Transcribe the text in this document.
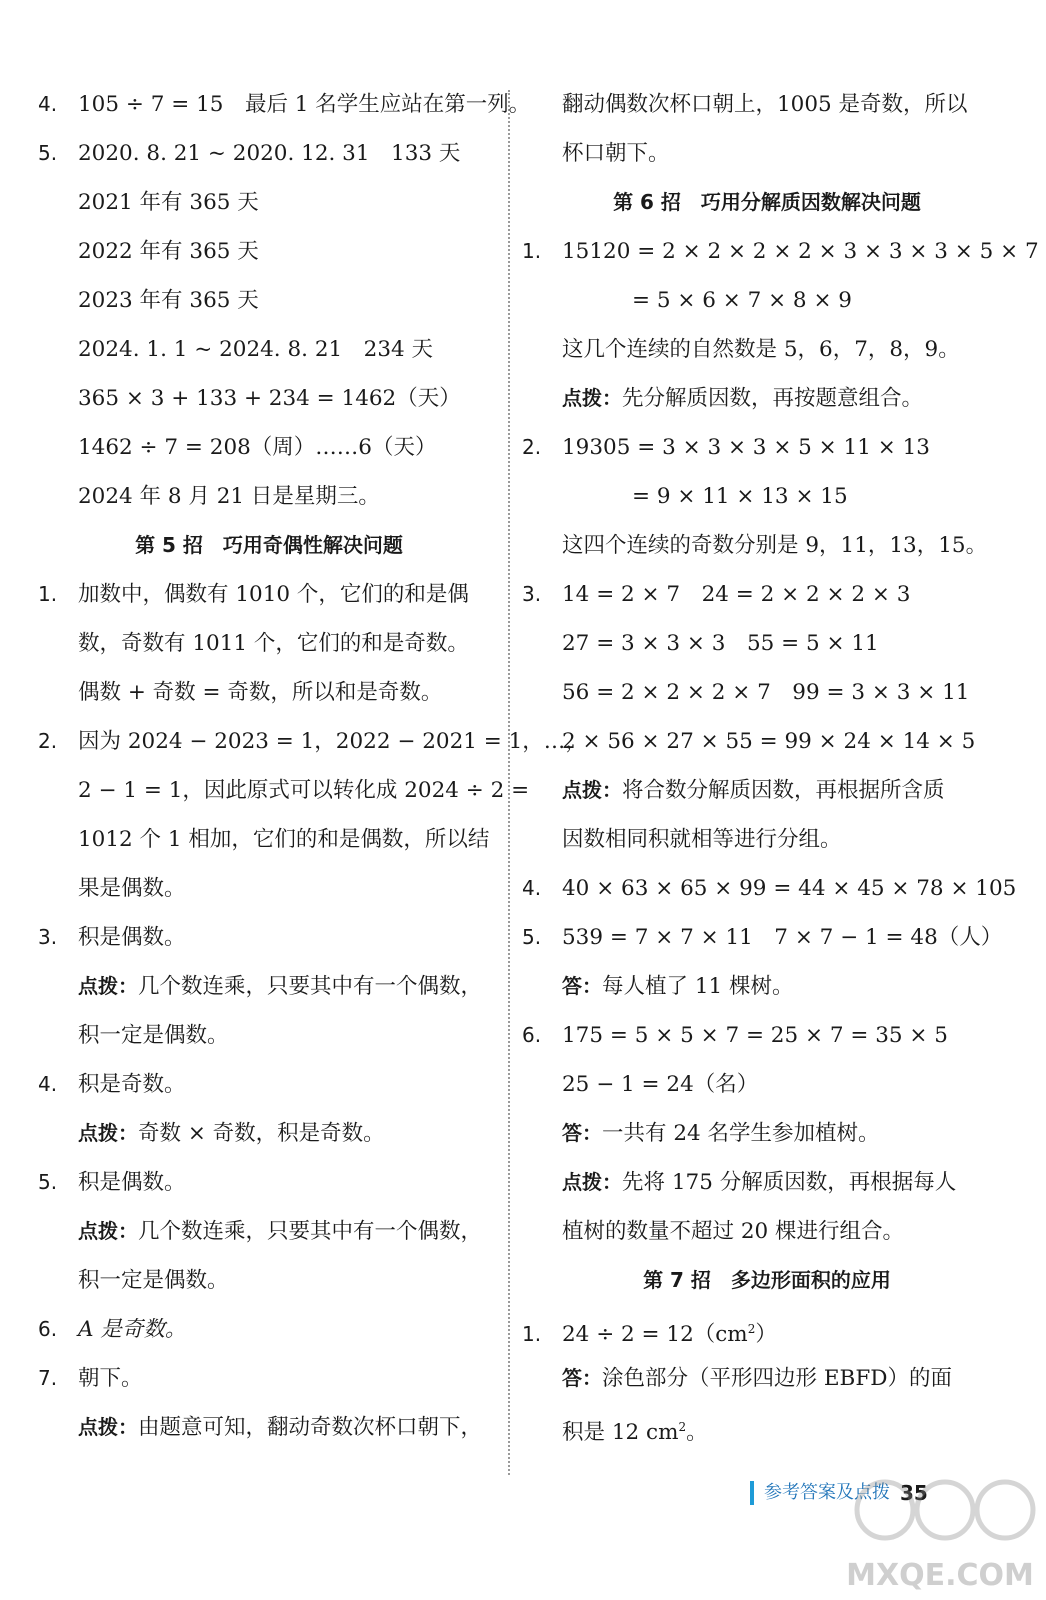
4. 105 ÷ 7 = 15　最后 1 名学生应站在第一列。
5. 2020. 8. 21 ~ 2020. 12. 31　133 天
2021 年有 365 天
2022 年有 365 天
2023 年有 365 天
2024. 1. 1 ~ 2024. 8. 21　234 天
365 × 3 + 133 + 234 = 1462（天）
1462 ÷ 7 = 208（周）……6（天）
2024 年 8 月 21 日是星期三。
第 5 招　巧用奇偶性解决问题
1. 加数中，偶数有 1010 个，它们的和是偶
数，奇数有 1011 个，它们的和是奇数。
偶数 + 奇数 = 奇数，所以和是奇数。
2. 因为 2024 − 2023 = 1，2022 − 2021 = 1，…，
2 − 1 = 1，因此原式可以转化成 2024 ÷ 2 =
1012 个 1 相加，它们的和是偶数，所以结
果是偶数。
3. 积是偶数。
点拨：几个数连乘，只要其中有一个偶数，
积一定是偶数。
4. 积是奇数。
点拨：奇数 × 奇数，积是奇数。
5. 积是偶数。
点拨：几个数连乘，只要其中有一个偶数，
积一定是偶数。
6. A 是奇数。
7. 朝下。
点拨：由题意可知，翻动奇数次杯口朝下，
翻动偶数次杯口朝上，1005 是奇数，所以
杯口朝下。
第 6 招　巧用分解质因数解决问题
1. 15120 = 2 × 2 × 2 × 2 × 3 × 3 × 3 × 5 × 7
= 5 × 6 × 7 × 8 × 9
这几个连续的自然数是 5，6，7，8，9。
点拨：先分解质因数，再按题意组合。
2. 19305 = 3 × 3 × 3 × 5 × 11 × 13
= 9 × 11 × 13 × 15
这四个连续的奇数分别是 9，11，13，15。
3. 14 = 2 × 7　24 = 2 × 2 × 2 × 3
27 = 3 × 3 × 3　55 = 5 × 11
56 = 2 × 2 × 2 × 7　99 = 3 × 3 × 11
2 × 56 × 27 × 55 = 99 × 24 × 14 × 5
点拨：将合数分解质因数，再根据所含质
因数相同积就相等进行分组。
4. 40 × 63 × 65 × 99 = 44 × 45 × 78 × 105
5. 539 = 7 × 7 × 11　7 × 7 − 1 = 48（人）
答：每人植了 11 棵树。
6. 175 = 5 × 5 × 7 = 25 × 7 = 35 × 5
25 − 1 = 24（名）
答：一共有 24 名学生参加植树。
点拨：先将 175 分解质因数，再根据每人
植树的数量不超过 20 棵进行组合。
第 7 招　多边形面积的应用
1. $24 \div 2 = 12(cm^2)$
答：涂色部分（平形四边形 EBFD）的面
积是 12 $cm^2$。
参考答案及点拨 35
MXQE.COM
